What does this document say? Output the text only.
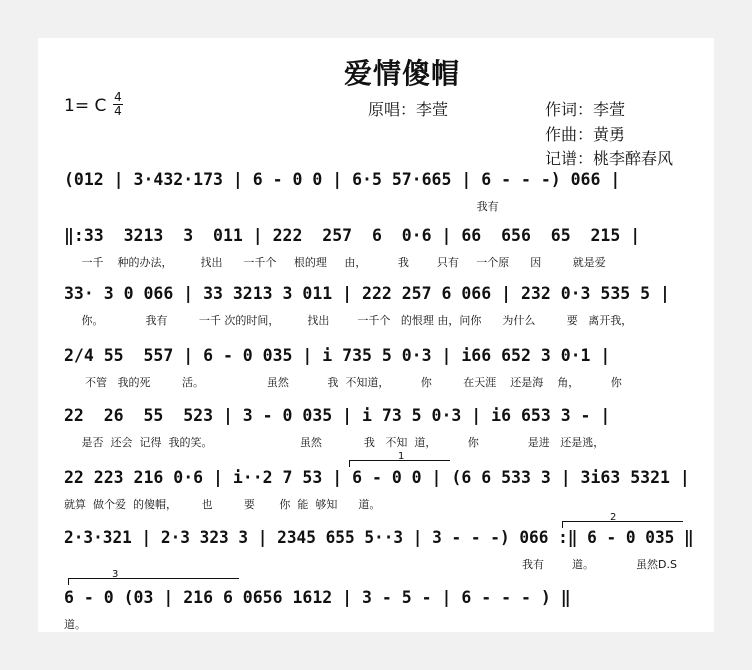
爱情傻帽
1= C 4
4	原唱：李萱	作词：李萱
作曲：黄勇
记谱：桃李醉春风
(012 | 3·432·173 | 6 - 0 0 | 6·5 57·665 | 6 - - -) 066 |
我有
‖:33  3213  3  011 | 222  257  6  0·6 | 66  656  65  215 |
一千    种的办法，        找出      一千个     根的理     由，         我        只有     一个原      因         就是爱
33· 3 0 066 | 33 3213 3 011 | 222 257 6 066 | 232 0·3 535 5 |
你。            我有         一千 次的时间，        找出        一千个   的恨理 由，问你      为什么         要   离开我，
2/4 55  557 | 6 - 0 035 | i 735 5 0·3 | i66 652 3 0·1 |
不管   我的死         活。                  虽然           我  不知道，         你         在天涯    还是海    角，         你
22  26  55  523 | 3 - 0 035 | i 73 5 0·3 | i6 653 3 - |
是否  还会  记得  我的笑。                         虽然            我   不知  道，         你              是进   还是逃，
1
22 223 216 0·6 | i··2 7 53 | 6 - 0 0 | (6 6 533 3 | 3i63 5321 |
就算  做个爱  的傻帽，       也         要       你  能  够知      道。
2
2·3·321 | 2·3 323 3 | 2345 655 5··3 | 3 - - -) 066 :‖ 6 - 0 035 ‖
我有        道。            虽然D.S
3
6 - 0 (03 | 216 6 0656 1612 | 3 - 5 - | 6 - - - ) ‖
道。
